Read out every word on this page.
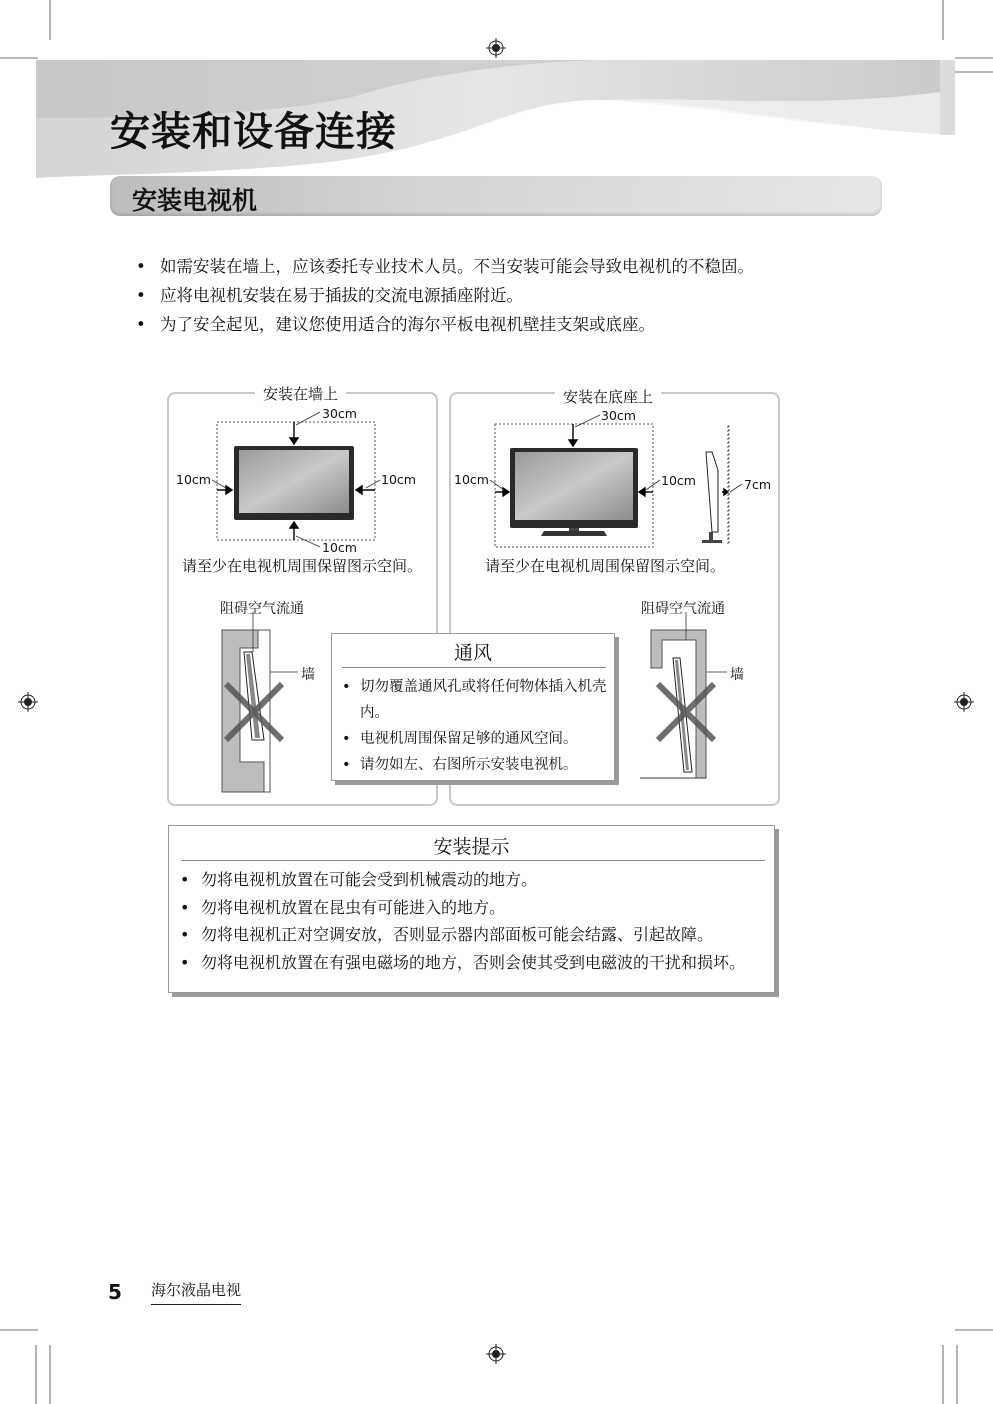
安装和设备连接
安装电视机
• 如需安装在墙上，应该委托专业技术人员。不当安装可能会导致电视机的不稳固。
• 应将电视机安装在易于插拔的交流电源插座附近。
• 为了安全起见，建议您使用适合的海尔平板电视机壁挂支架或底座。
安装在墙上	安装在底座上
30cm
10cm	10cm
10cm
请至少在电视机周围保留图示空间。
阻碍空气流通
墙
30cm
10cm	10cm	7cm
请至少在电视机周围保留图示空间。
阻碍空气流通
墙
通风
• 切勿覆盖通风孔或将任何物体插入机壳内。
• 电视机周围保留足够的通风空间。
• 请勿如左、右图所示安装电视机。
安装提示
• 勿将电视机放置在可能会受到机械震动的地方。
• 勿将电视机放置在昆虫有可能进入的地方。
• 勿将电视机正对空调安放，否则显示器内部面板可能会结露、引起故障。
• 勿将电视机放置在有强电磁场的地方，否则会使其受到电磁波的干扰和损坏。
5 海尔液晶电视
